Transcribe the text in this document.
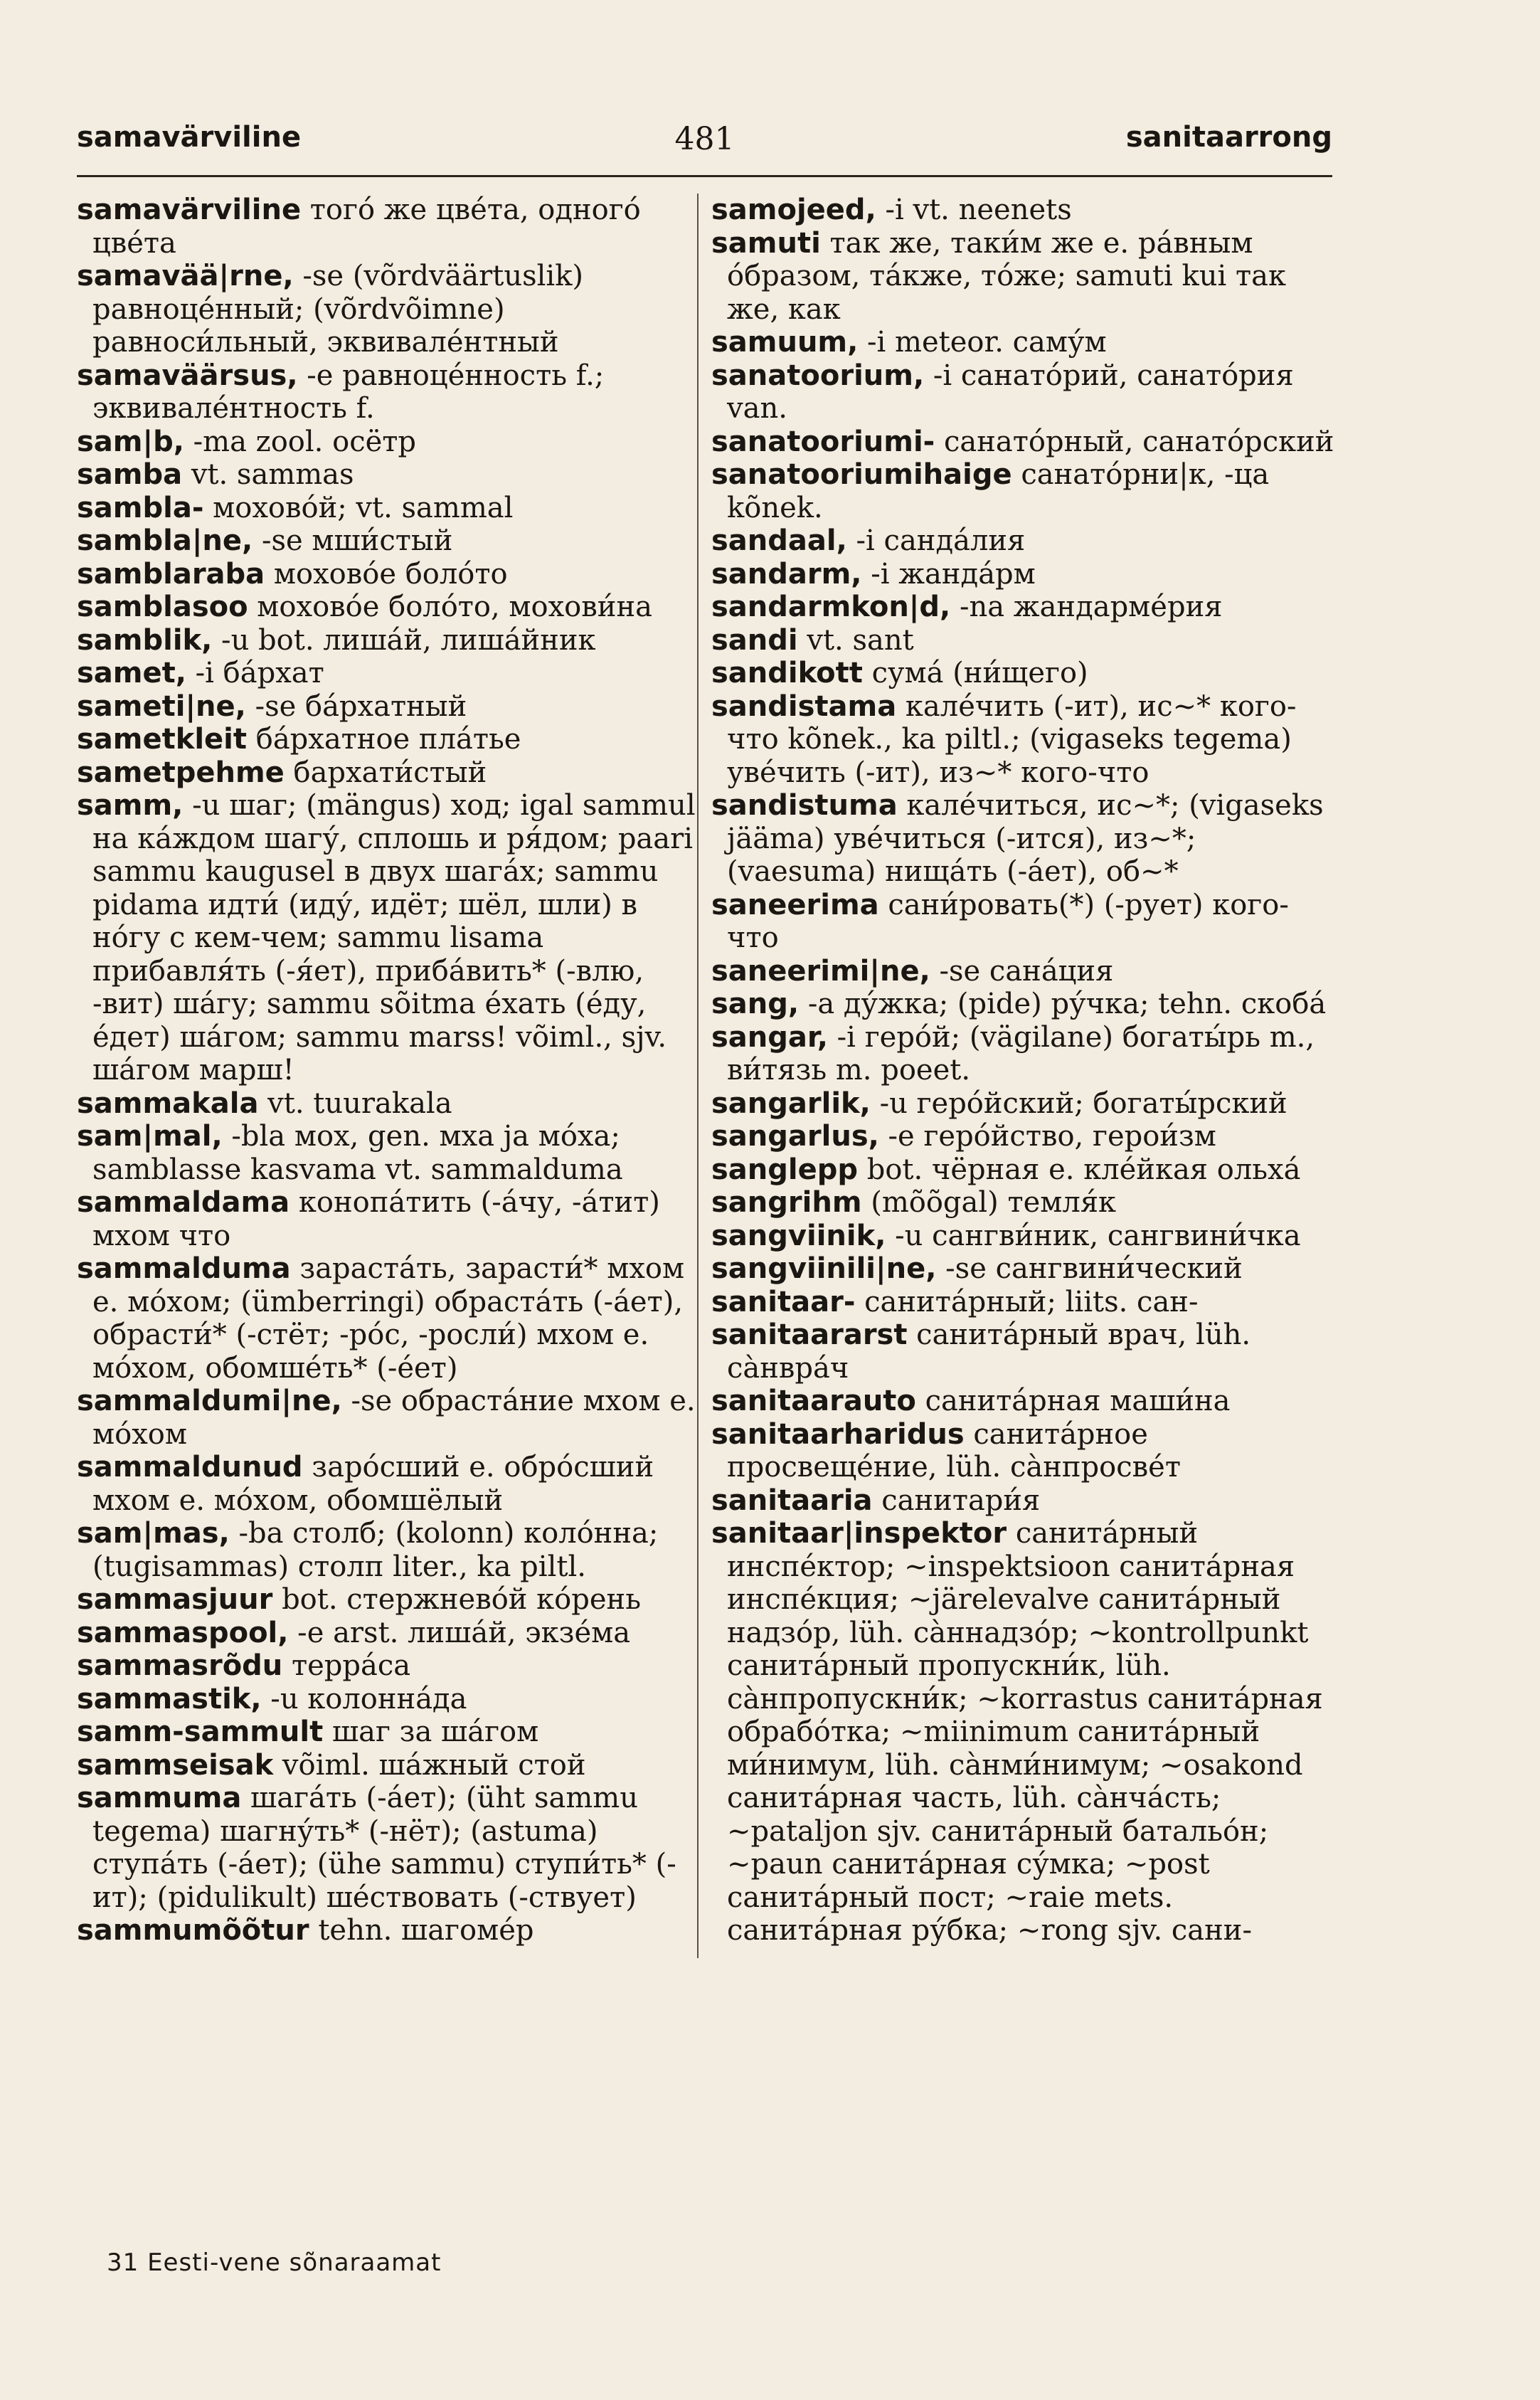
samavärviline	481	sanitaarrong

samavärviline того́ же цве́та, одного́ цве́та

samavää|rne, -se (võrdväärtuslik) равноце́нный; (võrdvõimne) равноси́льный, эквивале́нтный

samaväärsus, -e равноце́нность f.; эквивале́нтность f.

sam|b, -ma zool. осётр

samba vt. sammas

sambla- мохово́й; vt. sammal

sambla|ne, -se мши́стый

samblaraba мохово́е боло́то

samblasoo мохово́е боло́то, мохови́на

samblik, -u bot. лиша́й, лиша́йник

samet, -i ба́рхат

sameti|ne, -se ба́рхатный

sametkleit ба́рхатное пла́тье

sametpehme бархати́стый

samm, -u шаг; (mängus) ход; igal sammul на ка́ждом шагу́, сплошь и ря́дом; paari sammu kaugusel в двух шага́х; sammu pidama идти́ (иду́, идёт; шёл, шли) в но́гу с кем-чем; sammu lisama прибавля́ть (-я́ет), приба́вить* (-влю, -вит) ша́гу; sammu sõitma е́хать (е́ду, е́дет) ша́гом; sammu marss! võiml., sjv. ша́гом марш!

sammakala vt. tuurakala

sam|mal, -bla мох, gen. мха ja мо́ха; samblasse kasvama vt. sammalduma

sammaldama конопа́тить (-а́чу, -а́тит) мхом что

sammalduma зараста́ть, зарасти́* мхом e. мо́хом; (ümberringi) обраста́ть (-а́ет), обрасти́* (-стёт; -ро́с, -росли́) мхом e. мо́хом, обомше́ть* (-е́ет)

sammaldumi|ne, -se обраста́ние мхом e. мо́хом

sammaldunud заро́сший e. обро́сший мхом e. мо́хом, обомшёлый

sam|mas, -ba столб; (kolonn) коло́нна; (tugisammas) столп liter., ka piltl.

sammasjuur bot. стержнево́й ко́рень

sammaspool, -e arst. лиша́й, экзе́ма

sammasrõdu терра́са

sammastik, -u колонна́да

samm-sammult шаг за ша́гом

sammseisak võiml. ша́жный стой

sammuma шага́ть (-а́ет); (üht sammu tegema) шагну́ть* (-нёт); (astuma) ступа́ть (-а́ет); (ühe sammu) ступи́ть* (-ит); (pidulikult) ше́ствовать (-ствует)

sammumõõtur tehn. шагоме́р

samojeed, -i vt. neenets

samuti так же, таки́м же e. ра́вным о́бразом, та́кже, то́же; samuti kui так же, как

samuum, -i meteor. саму́м

sanatoorium, -i санато́рий, санато́рия van.

sanatooriumi- санато́рный, санато́рский

sanatooriumihaige санато́рни|к, -ца kõnek.

sandaal, -i санда́лия

sandarm, -i жанда́рм

sandarmkon|d, -na жандарме́рия

sandi vt. sant

sandikott сума́ (ни́щего)

sandistama кале́чить (-ит), ис~* кого-что kõnek., ka piltl.; (vigaseks tegema) уве́чить (-ит), из~* кого-что

sandistuma кале́читься, ис~*; (vigaseks jääma) уве́читься (-ится), из~*; (vaesuma) нища́ть (-а́ет), об~*

saneerima сани́ровать(*) (-рует) кого-что

saneerimi|ne, -se сана́ция

sang, -a ду́жка; (pide) ру́чка; tehn. скоба́

sangar, -i геро́й; (vägilane) богаты́рь m., ви́тязь m. poeet.

sangarlik, -u геро́йский; богаты́рский

sangarlus, -e геро́йство, герои́зм

sanglepp bot. чёрная e. кле́йкая ольха́

sangrihm (mõõgal) темля́к

sangviinik, -u сангви́ник, сангвини́чка

sangviinili|ne, -se сангвини́ческий

sanitaar- санита́рный; liits. сан-

sanitaararst санита́рный врач, lüh. са̀нвра́ч

sanitaarauto санита́рная маши́на

sanitaarharidus санита́рное просвеще́ние, lüh. са̀нпросве́т

sanitaaria санитари́я

sanitaar|inspektor санита́рный инспе́ктор; ~inspektsioon санита́рная инспе́кция; ~järelevalve санита́рный надзо́р, lüh. са̀ннадзо́р; ~kontrollpunkt санита́рный пропускни́к, lüh. са̀нпропускни́к; ~korrastus санита́рная обрабо́тка; ~miinimum санита́рный ми́нимум, lüh. са̀нми́нимум; ~osakond санита́рная часть, lüh. са̀нча́сть; ~pataljon sjv. санита́рный батальо́н; ~paun санита́рная су́мка; ~post санита́рный пост; ~raie mets. санита́рная ру́бка; ~rong sjv. сани-

31 Eesti-vene sõnaraamat
